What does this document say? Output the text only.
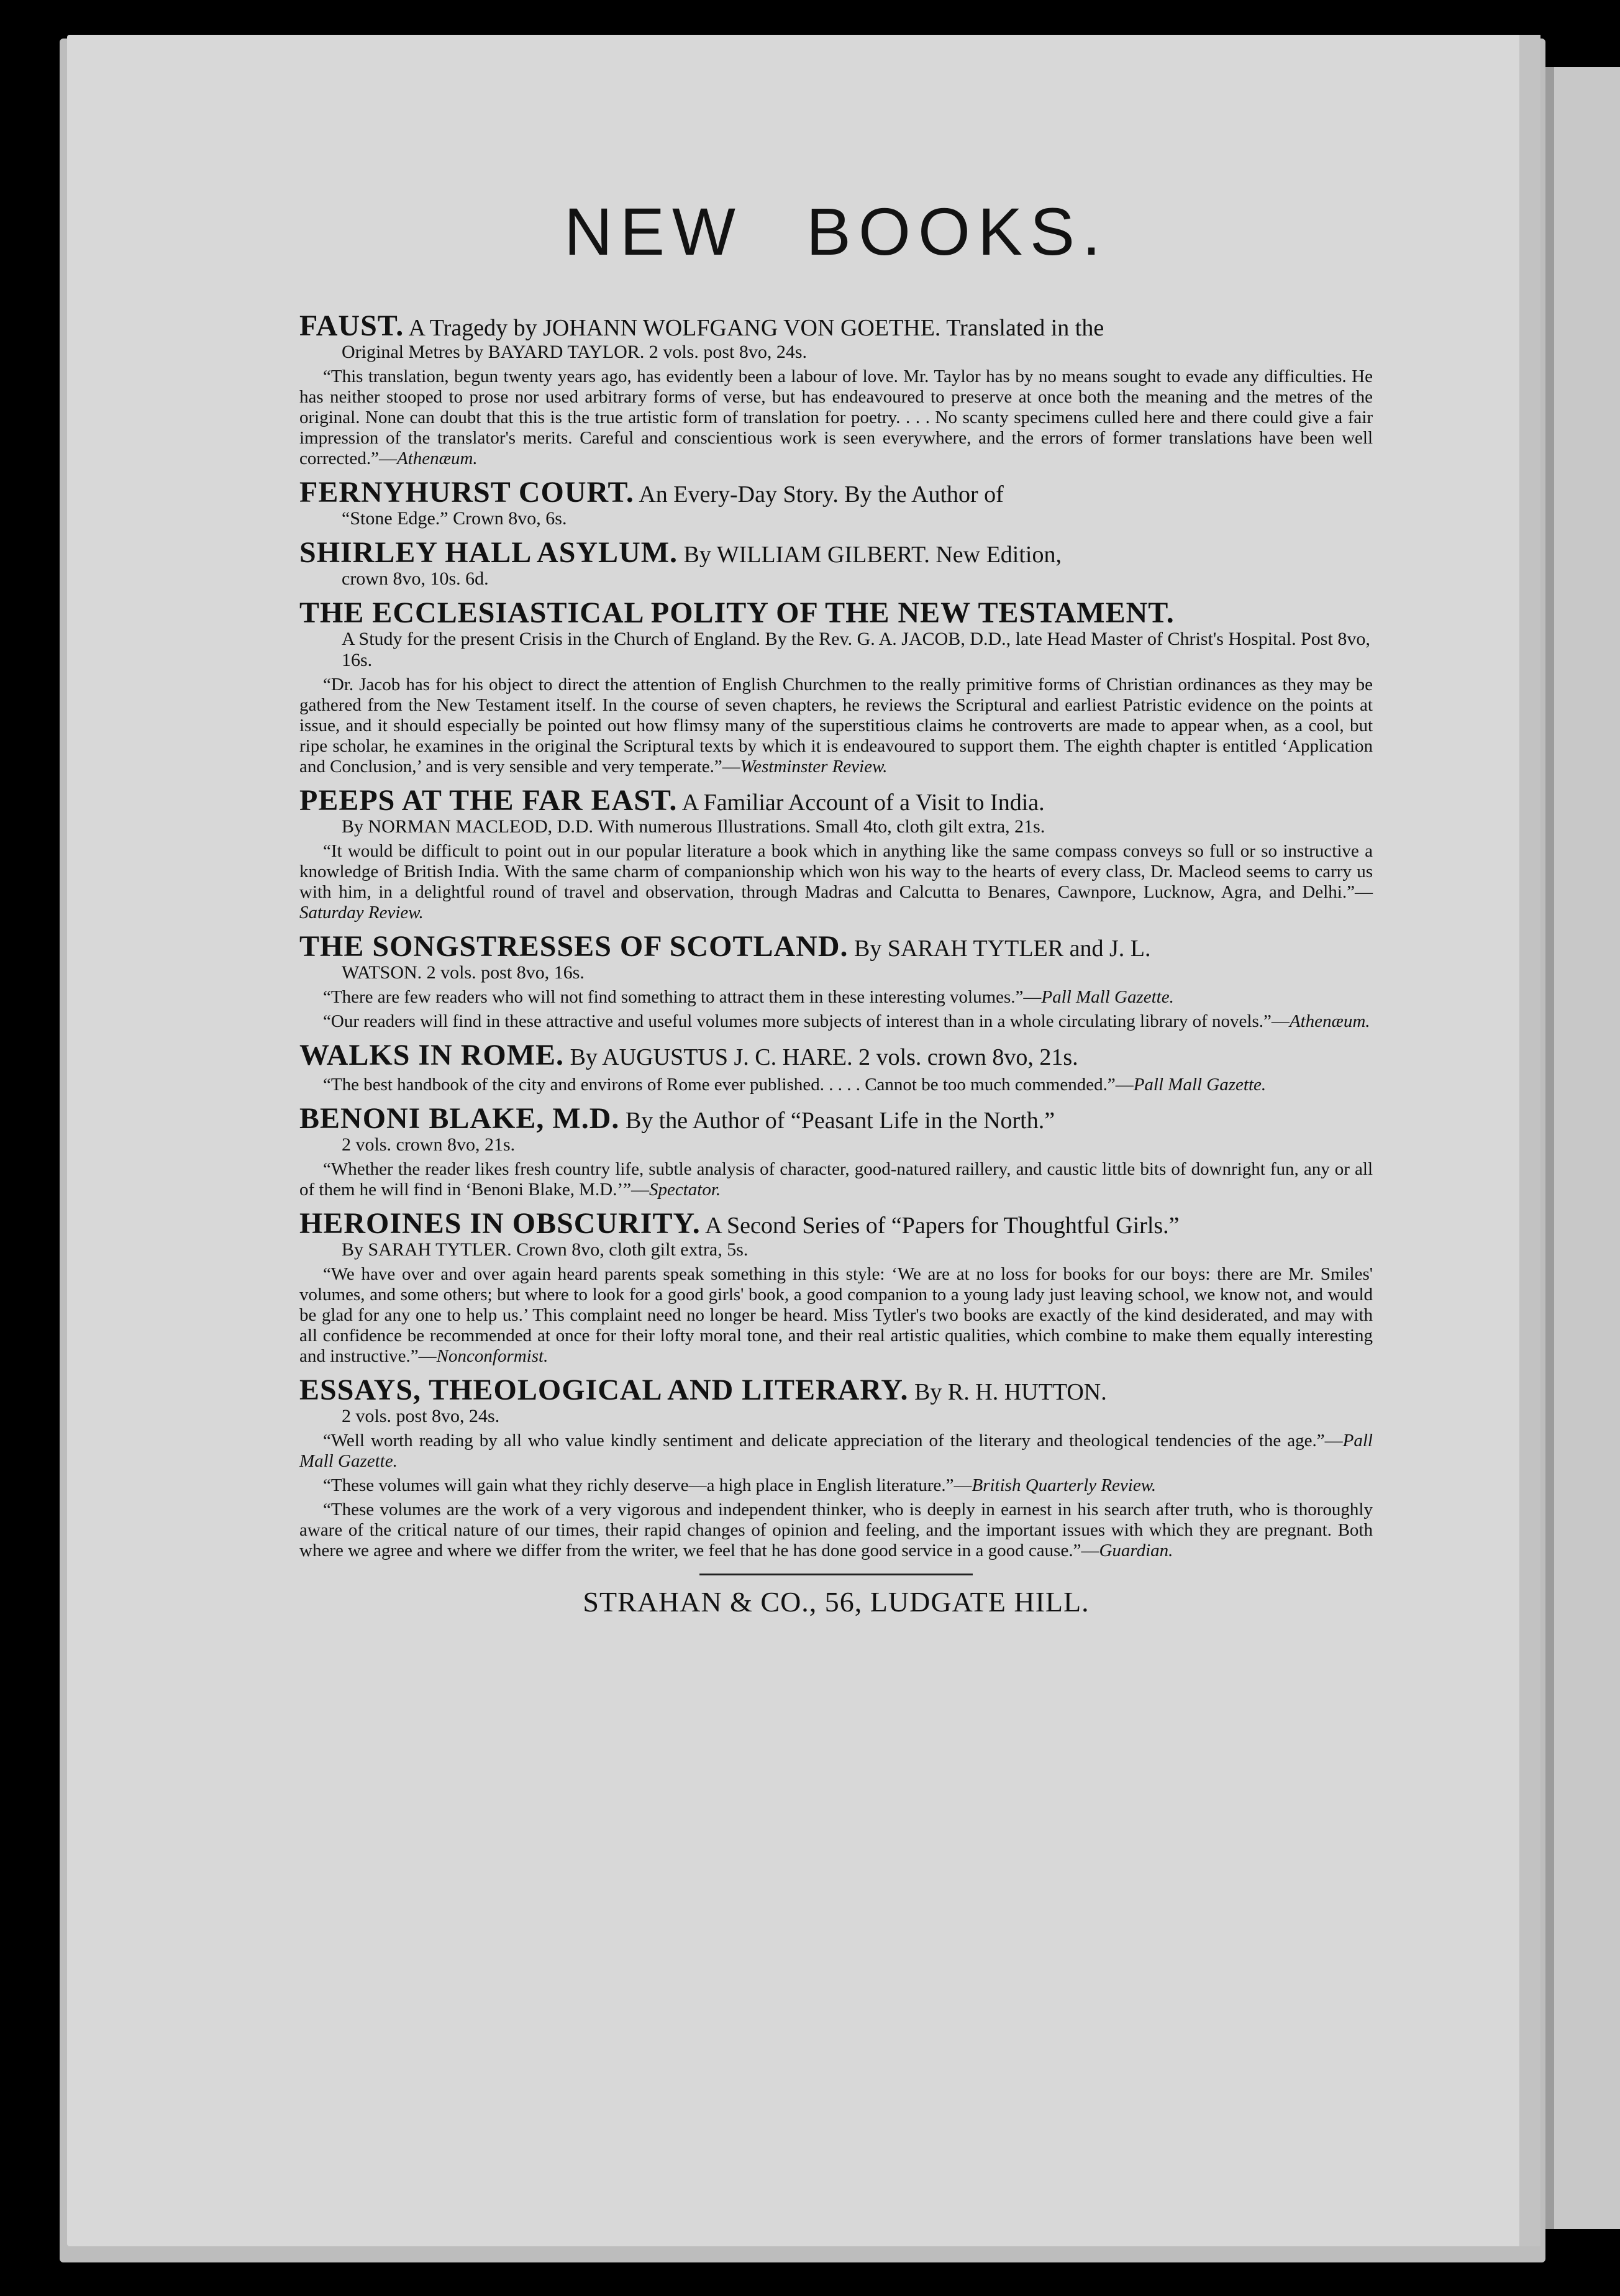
NEW BOOKS.
FAUST. A Tragedy by JOHANN WOLFGANG VON GOETHE. Translated in the
Original Metres by BAYARD TAYLOR. 2 vols. post 8vo, 24s.
“This translation, begun twenty years ago, has evidently been a labour of love. Mr. Taylor has by no means sought to evade any difficulties. He has neither stooped to prose nor used arbitrary forms of verse, but has endeavoured to preserve at once both the meaning and the metres of the original. None can doubt that this is the true artistic form of translation for poetry. . . . No scanty specimens culled here and there could give a fair impression of the translator's merits. Careful and conscientious work is seen everywhere, and the errors of former translations have been well corrected.”—Athenæum.
FERNYHURST COURT. An Every-Day Story. By the Author of
“Stone Edge.” Crown 8vo, 6s.
SHIRLEY HALL ASYLUM. By WILLIAM GILBERT. New Edition,
crown 8vo, 10s. 6d.
THE ECCLESIASTICAL POLITY OF THE NEW TESTAMENT.
A Study for the present Crisis in the Church of England. By the Rev. G. A. JACOB, D.D., late Head Master of Christ's Hospital. Post 8vo, 16s.
“Dr. Jacob has for his object to direct the attention of English Churchmen to the really primitive forms of Christian ordinances as they may be gathered from the New Testament itself. In the course of seven chapters, he reviews the Scriptural and earliest Patristic evidence on the points at issue, and it should especially be pointed out how flimsy many of the superstitious claims he controverts are made to appear when, as a cool, but ripe scholar, he examines in the original the Scriptural texts by which it is endeavoured to support them. The eighth chapter is entitled ‘Application and Conclusion,’ and is very sensible and very temperate.”—Westminster Review.
PEEPS AT THE FAR EAST. A Familiar Account of a Visit to India.
By NORMAN MACLEOD, D.D. With numerous Illustrations. Small 4to, cloth gilt extra, 21s.
“It would be difficult to point out in our popular literature a book which in anything like the same compass conveys so full or so instructive a knowledge of British India. With the same charm of companionship which won his way to the hearts of every class, Dr. Macleod seems to carry us with him, in a delightful round of travel and observation, through Madras and Calcutta to Benares, Cawnpore, Lucknow, Agra, and Delhi.”—Saturday Review.
THE SONGSTRESSES OF SCOTLAND. By SARAH TYTLER and J. L.
WATSON. 2 vols. post 8vo, 16s.
“There are few readers who will not find something to attract them in these interesting volumes.”—Pall Mall Gazette.
“Our readers will find in these attractive and useful volumes more subjects of interest than in a whole circulating library of novels.”—Athenæum.
WALKS IN ROME. By AUGUSTUS J. C. HARE. 2 vols. crown 8vo, 21s.
“The best handbook of the city and environs of Rome ever published. . . . . Cannot be too much commended.”—Pall Mall Gazette.
BENONI BLAKE, M.D. By the Author of “Peasant Life in the North.”
2 vols. crown 8vo, 21s.
“Whether the reader likes fresh country life, subtle analysis of character, good-natured raillery, and caustic little bits of downright fun, any or all of them he will find in ‘Benoni Blake, M.D.’”—Spectator.
HEROINES IN OBSCURITY. A Second Series of “Papers for Thoughtful Girls.”
By SARAH TYTLER. Crown 8vo, cloth gilt extra, 5s.
“We have over and over again heard parents speak something in this style: ‘We are at no loss for books for our boys: there are Mr. Smiles' volumes, and some others; but where to look for a good girls' book, a good companion to a young lady just leaving school, we know not, and would be glad for any one to help us.’ This complaint need no longer be heard. Miss Tytler's two books are exactly of the kind desiderated, and may with all confidence be recommended at once for their lofty moral tone, and their real artistic qualities, which combine to make them equally interesting and instructive.”—Nonconformist.
ESSAYS, THEOLOGICAL AND LITERARY. By R. H. HUTTON.
2 vols. post 8vo, 24s.
“Well worth reading by all who value kindly sentiment and delicate appreciation of the literary and theological tendencies of the age.”—Pall Mall Gazette.
“These volumes will gain what they richly deserve—a high place in English literature.”—British Quarterly Review.
“These volumes are the work of a very vigorous and independent thinker, who is deeply in earnest in his search after truth, who is thoroughly aware of the critical nature of our times, their rapid changes of opinion and feeling, and the important issues with which they are pregnant. Both where we agree and where we differ from the writer, we feel that he has done good service in a good cause.”—Guardian.
STRAHAN & CO., 56, LUDGATE HILL.
